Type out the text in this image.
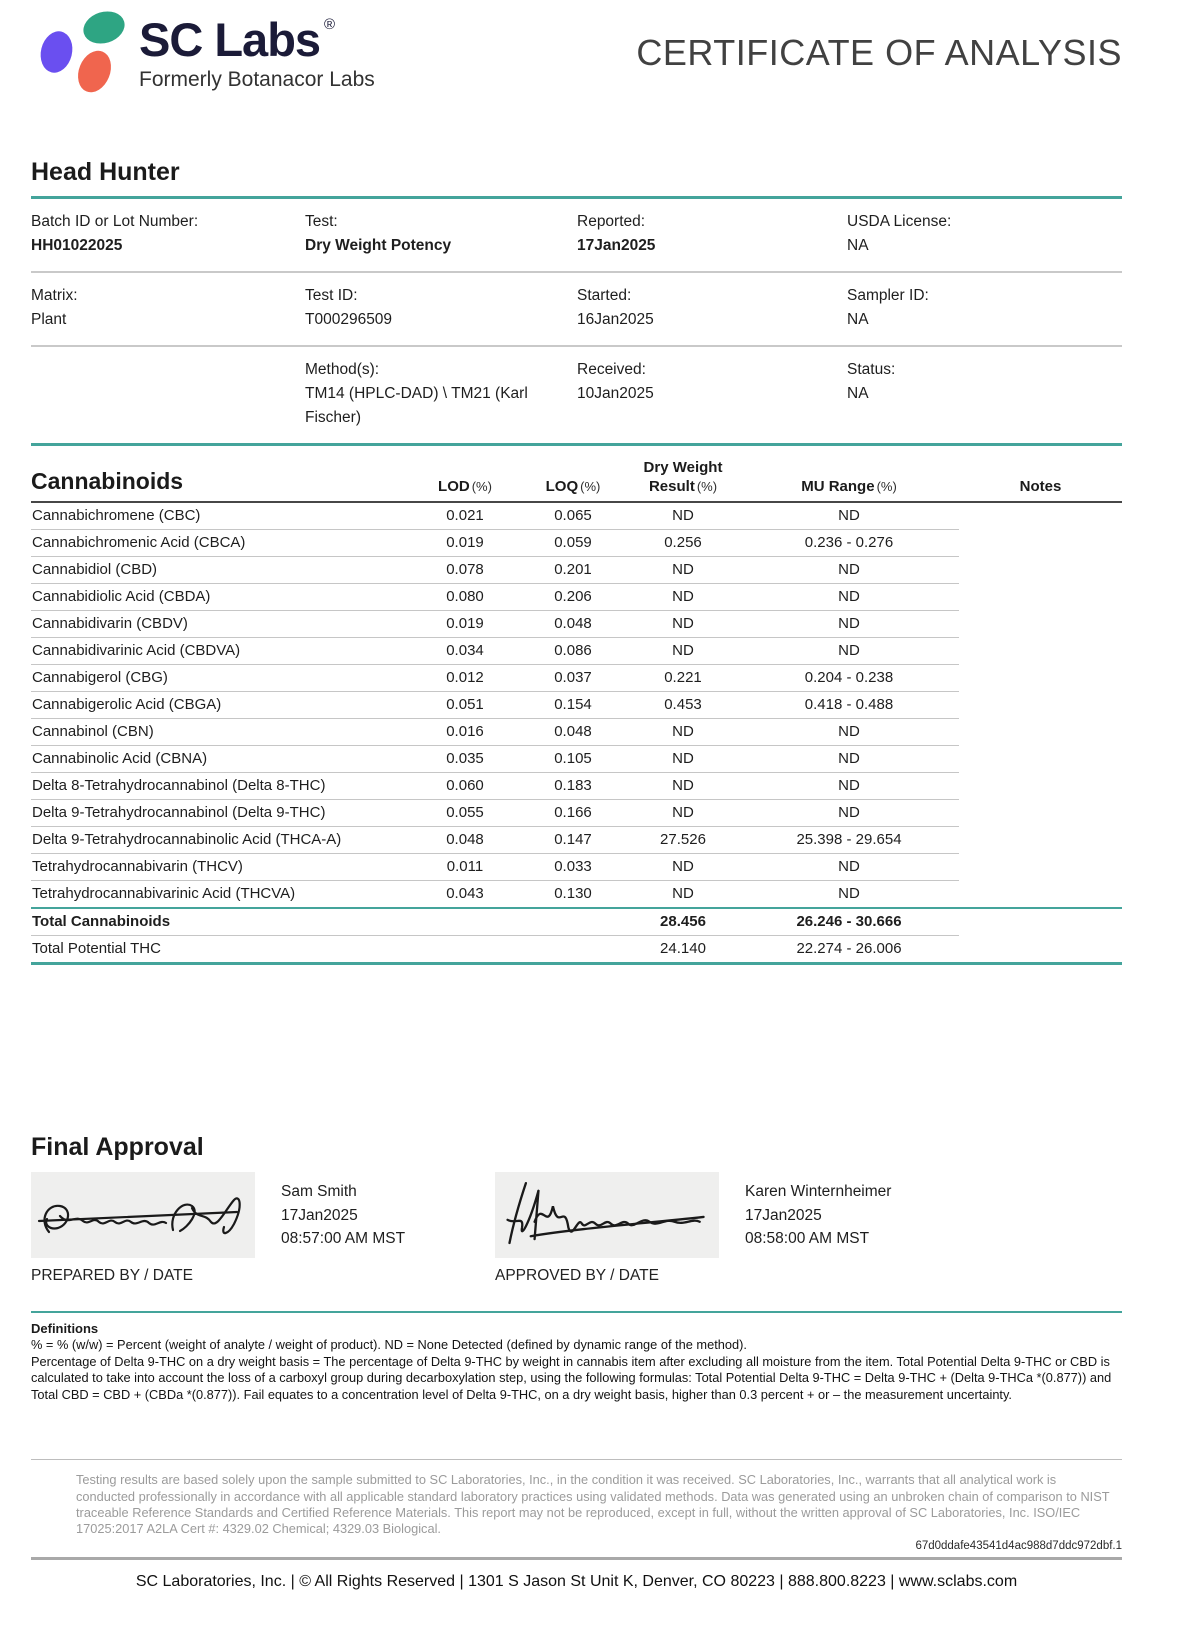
SC Labs ®
Formerly Botanacor Labs
CERTIFICATE OF ANALYSIS
Head Hunter
Batch ID or Lot Number:
HH01022025
Test:
Dry Weight Potency
Reported:
17Jan2025
USDA License:
NA
Matrix:
Plant
Test ID:
T000296509
Started:
16Jan2025
Sampler ID:
NA
Method(s):
TM14 (HPLC-DAD) \ TM21 (Karl Fischer)
Received:
10Jan2025
Status:
NA
Cannabinoids	LOD (%)	LOQ (%)	Dry Weight
Result (%)	MU Range (%)	Notes
Cannabichromene (CBC)	0.021	0.065	ND	ND	
Cannabichromenic Acid (CBCA)	0.019	0.059	0.256	0.236 - 0.276	
Cannabidiol (CBD)	0.078	0.201	ND	ND	
Cannabidiolic Acid (CBDA)	0.080	0.206	ND	ND	
Cannabidivarin (CBDV)	0.019	0.048	ND	ND	
Cannabidivarinic Acid (CBDVA)	0.034	0.086	ND	ND	
Cannabigerol (CBG)	0.012	0.037	0.221	0.204 - 0.238	
Cannabigerolic Acid (CBGA)	0.051	0.154	0.453	0.418 - 0.488	
Cannabinol (CBN)	0.016	0.048	ND	ND	
Cannabinolic Acid (CBNA)	0.035	0.105	ND	ND	
Delta 8-Tetrahydrocannabinol (Delta 8-THC)	0.060	0.183	ND	ND	
Delta 9-Tetrahydrocannabinol (Delta 9-THC)	0.055	0.166	ND	ND	
Delta 9-Tetrahydrocannabinolic Acid (THCA-A)	0.048	0.147	27.526	25.398 - 29.654	
Tetrahydrocannabivarin (THCV)	0.011	0.033	ND	ND	
Tetrahydrocannabivarinic Acid (THCVA)	0.043	0.130	ND	ND	
Total Cannabinoids			28.456	26.246 - 30.666	
Total Potential THC			24.140	22.274 - 26.006	
Final Approval
Sam Smith
17Jan2025
08:57:00 AM MST
PREPARED BY / DATE
Karen Winternheimer
17Jan2025
08:58:00 AM MST
APPROVED BY / DATE
Definitions
% = % (w/w) = Percent (weight of analyte / weight of product). ND = None Detected (defined by dynamic range of the method).
Percentage of Delta 9-THC on a dry weight basis = The percentage of Delta 9-THC by weight in cannabis item after excluding all moisture from the item. Total Potential Delta 9-THC or CBD is calculated to take into account the loss of a carboxyl group during decarboxylation step, using the following formulas: Total Potential Delta 9-THC = Delta 9-THC + (Delta 9-THCa *(0.877)) and Total CBD = CBD + (CBDa *(0.877)). Fail equates to a concentration level of Delta 9-THC, on a dry weight basis, higher than 0.3 percent + or – the measurement uncertainty.
Testing results are based solely upon the sample submitted to SC Laboratories, Inc., in the condition it was received. SC Laboratories, Inc., warrants that all analytical work is conducted professionally in accordance with all applicable standard laboratory practices using validated methods. Data was generated using an unbroken chain of comparison to NIST traceable Reference Standards and Certified Reference Materials. This report may not be reproduced, except in full, without the written approval of SC Laboratories, Inc. ISO/IEC 17025:2017 A2LA Cert #: 4329.02 Chemical; 4329.03 Biological.
67d0ddafe43541d4ac988d7ddc972dbf.1
SC Laboratories, Inc. | © All Rights Reserved | 1301 S Jason St Unit K, Denver, CO 80223 | 888.800.8223 | www.sclabs.com
